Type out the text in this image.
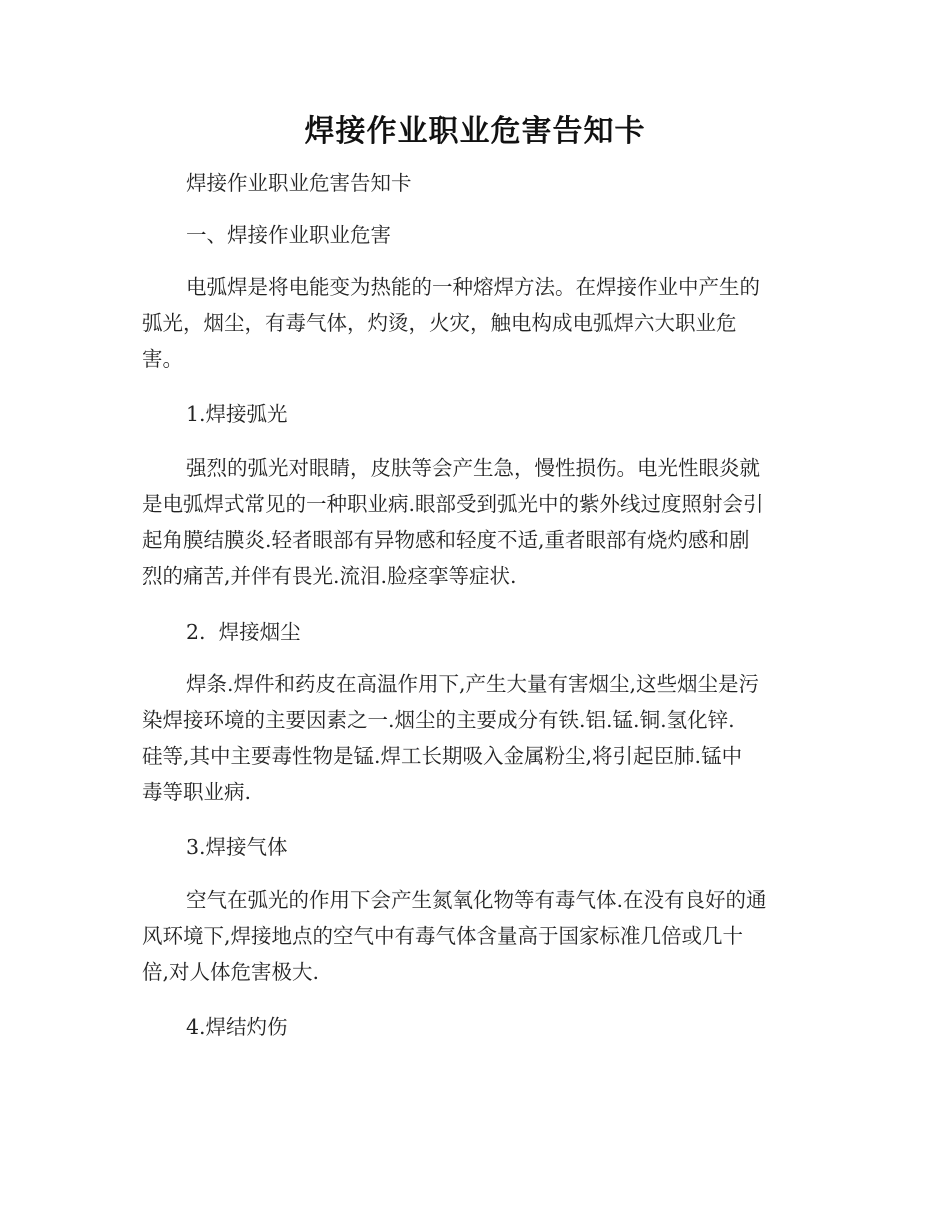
焊接作业职业危害告知卡
焊接作业职业危害告知卡
一、焊接作业职业危害
电弧焊是将电能变为热能的一种熔焊方法。在焊接作业中产生的
弧光，烟尘，有毒气体，灼烫，火灾，触电构成电弧焊六大职业危
害。
1.焊接弧光
强烈的弧光对眼睛，皮肤等会产生急，慢性损伤。电光性眼炎就
是电弧焊式常见的一种职业病.眼部受到弧光中的紫外线过度照射会引
起角膜结膜炎.轻者眼部有异物感和轻度不适,重者眼部有烧灼感和剧
烈的痛苦,并伴有畏光.流泪.脸痉挛等症状.
2.  焊接烟尘
焊条.焊件和药皮在高温作用下,产生大量有害烟尘,这些烟尘是污
染焊接环境的主要因素之一.烟尘的主要成分有铁.铝.锰.铜.氢化锌.
硅等,其中主要毒性物是锰.焊工长期吸入金属粉尘,将引起臣肺.锰中
毒等职业病.
3.焊接气体
空气在弧光的作用下会产生氮氧化物等有毒气体.在没有良好的通
风环境下,焊接地点的空气中有毒气体含量高于国家标准几倍或几十
倍,对人体危害极大.
4.焊结灼伤
